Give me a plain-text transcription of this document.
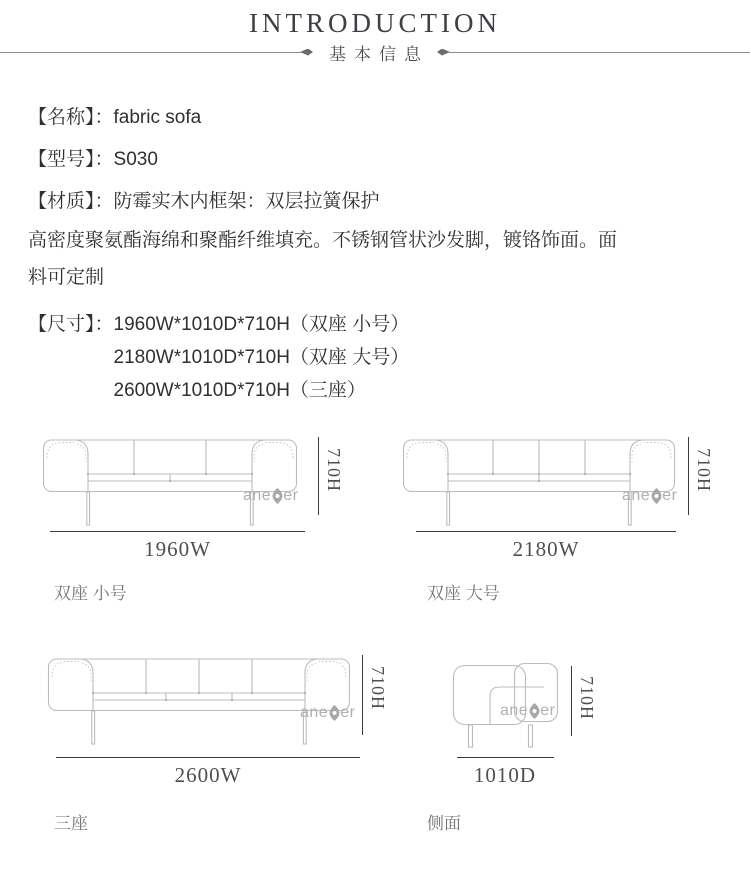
INTRODUCTION
基本信息
【名称】：fabric sofa
【型号】：S030
【材质】：防霉实木内框架：双层拉簧保护
高密度聚氨酯海绵和聚酯纤维填充。不锈钢管状沙发脚，镀铬饰面。面料可定制
【尺寸】： 1960W*1010D*710H（双座 小号）
2180W*1010D*710H（双座 大号）
2600W*1010D*710H（三座）
ane er
710H
1960W
双座 小号
ane er
710H
2180W
双座 大号
ane er
710H
2600W
三座
ane er 710H
1010D
侧面
